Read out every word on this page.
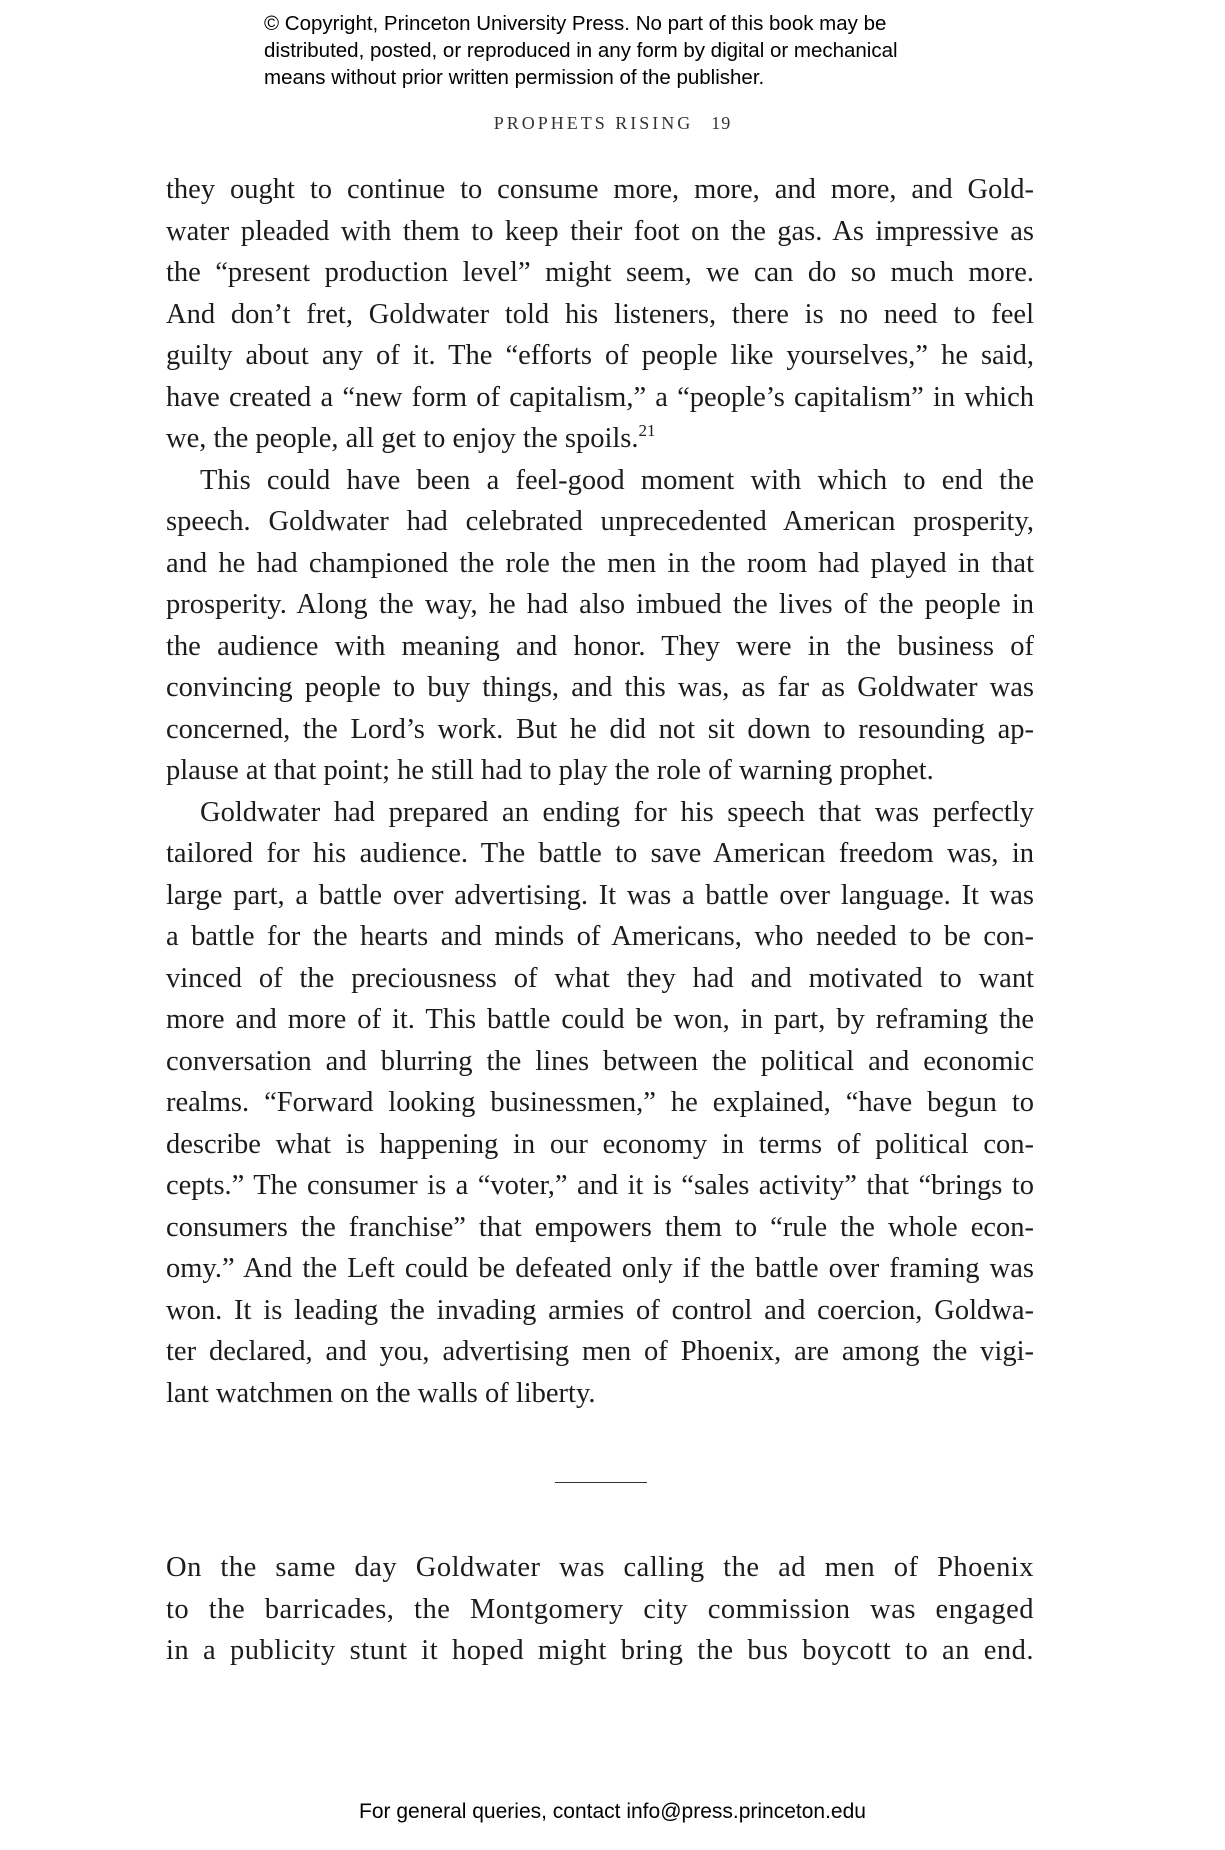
© Copyright, Princeton University Press. No part of this book may be
distributed, posted, or reproduced in any form by digital or mechanical
means without prior written permission of the publisher.
PROPHETS RISING 19
they ought to continue to consume more, more, and more, and Gold-
water pleaded with them to keep their foot on the gas. As impressive as
the “present production level” might seem, we can do so much more.
And don’t fret, Goldwater told his listeners, there is no need to feel
guilty about any of it. The “efforts of people like yourselves,” he said,
have created a “new form of capitalism,” a “people’s capitalism” in which
we, the people, all get to enjoy the spoils.$^{21}$
This could have been a feel-good moment with which to end the
speech. Goldwater had celebrated unprecedented American prosperity,
and he had championed the role the men in the room had played in that
prosperity. Along the way, he had also imbued the lives of the people in
the audience with meaning and honor. They were in the business of
convincing people to buy things, and this was, as far as Goldwater was
concerned, the Lord’s work. But he did not sit down to resounding ap-
plause at that point; he still had to play the role of warning prophet.
Goldwater had prepared an ending for his speech that was perfectly
tailored for his audience. The battle to save American freedom was, in
large part, a battle over advertising. It was a battle over language. It was
a battle for the hearts and minds of Americans, who needed to be con-
vinced of the preciousness of what they had and motivated to want
more and more of it. This battle could be won, in part, by reframing the
conversation and blurring the lines between the political and economic
realms. “Forward looking businessmen,” he explained, “have begun to
describe what is happening in our economy in terms of political con-
cepts.” The consumer is a “voter,” and it is “sales activity” that “brings to
consumers the franchise” that empowers them to “rule the whole econ-
omy.” And the Left could be defeated only if the battle over framing was
won. It is leading the invading armies of control and coercion, Goldwa-
ter declared, and you, advertising men of Phoenix, are among the vigi-
lant watchmen on the walls of liberty.
On the same day Goldwater was calling the ad men of Phoenix
to the barricades, the Montgomery city commission was engaged
in a publicity stunt it hoped might bring the bus boycott to an end.
For general queries, contact info@press.princeton.edu
